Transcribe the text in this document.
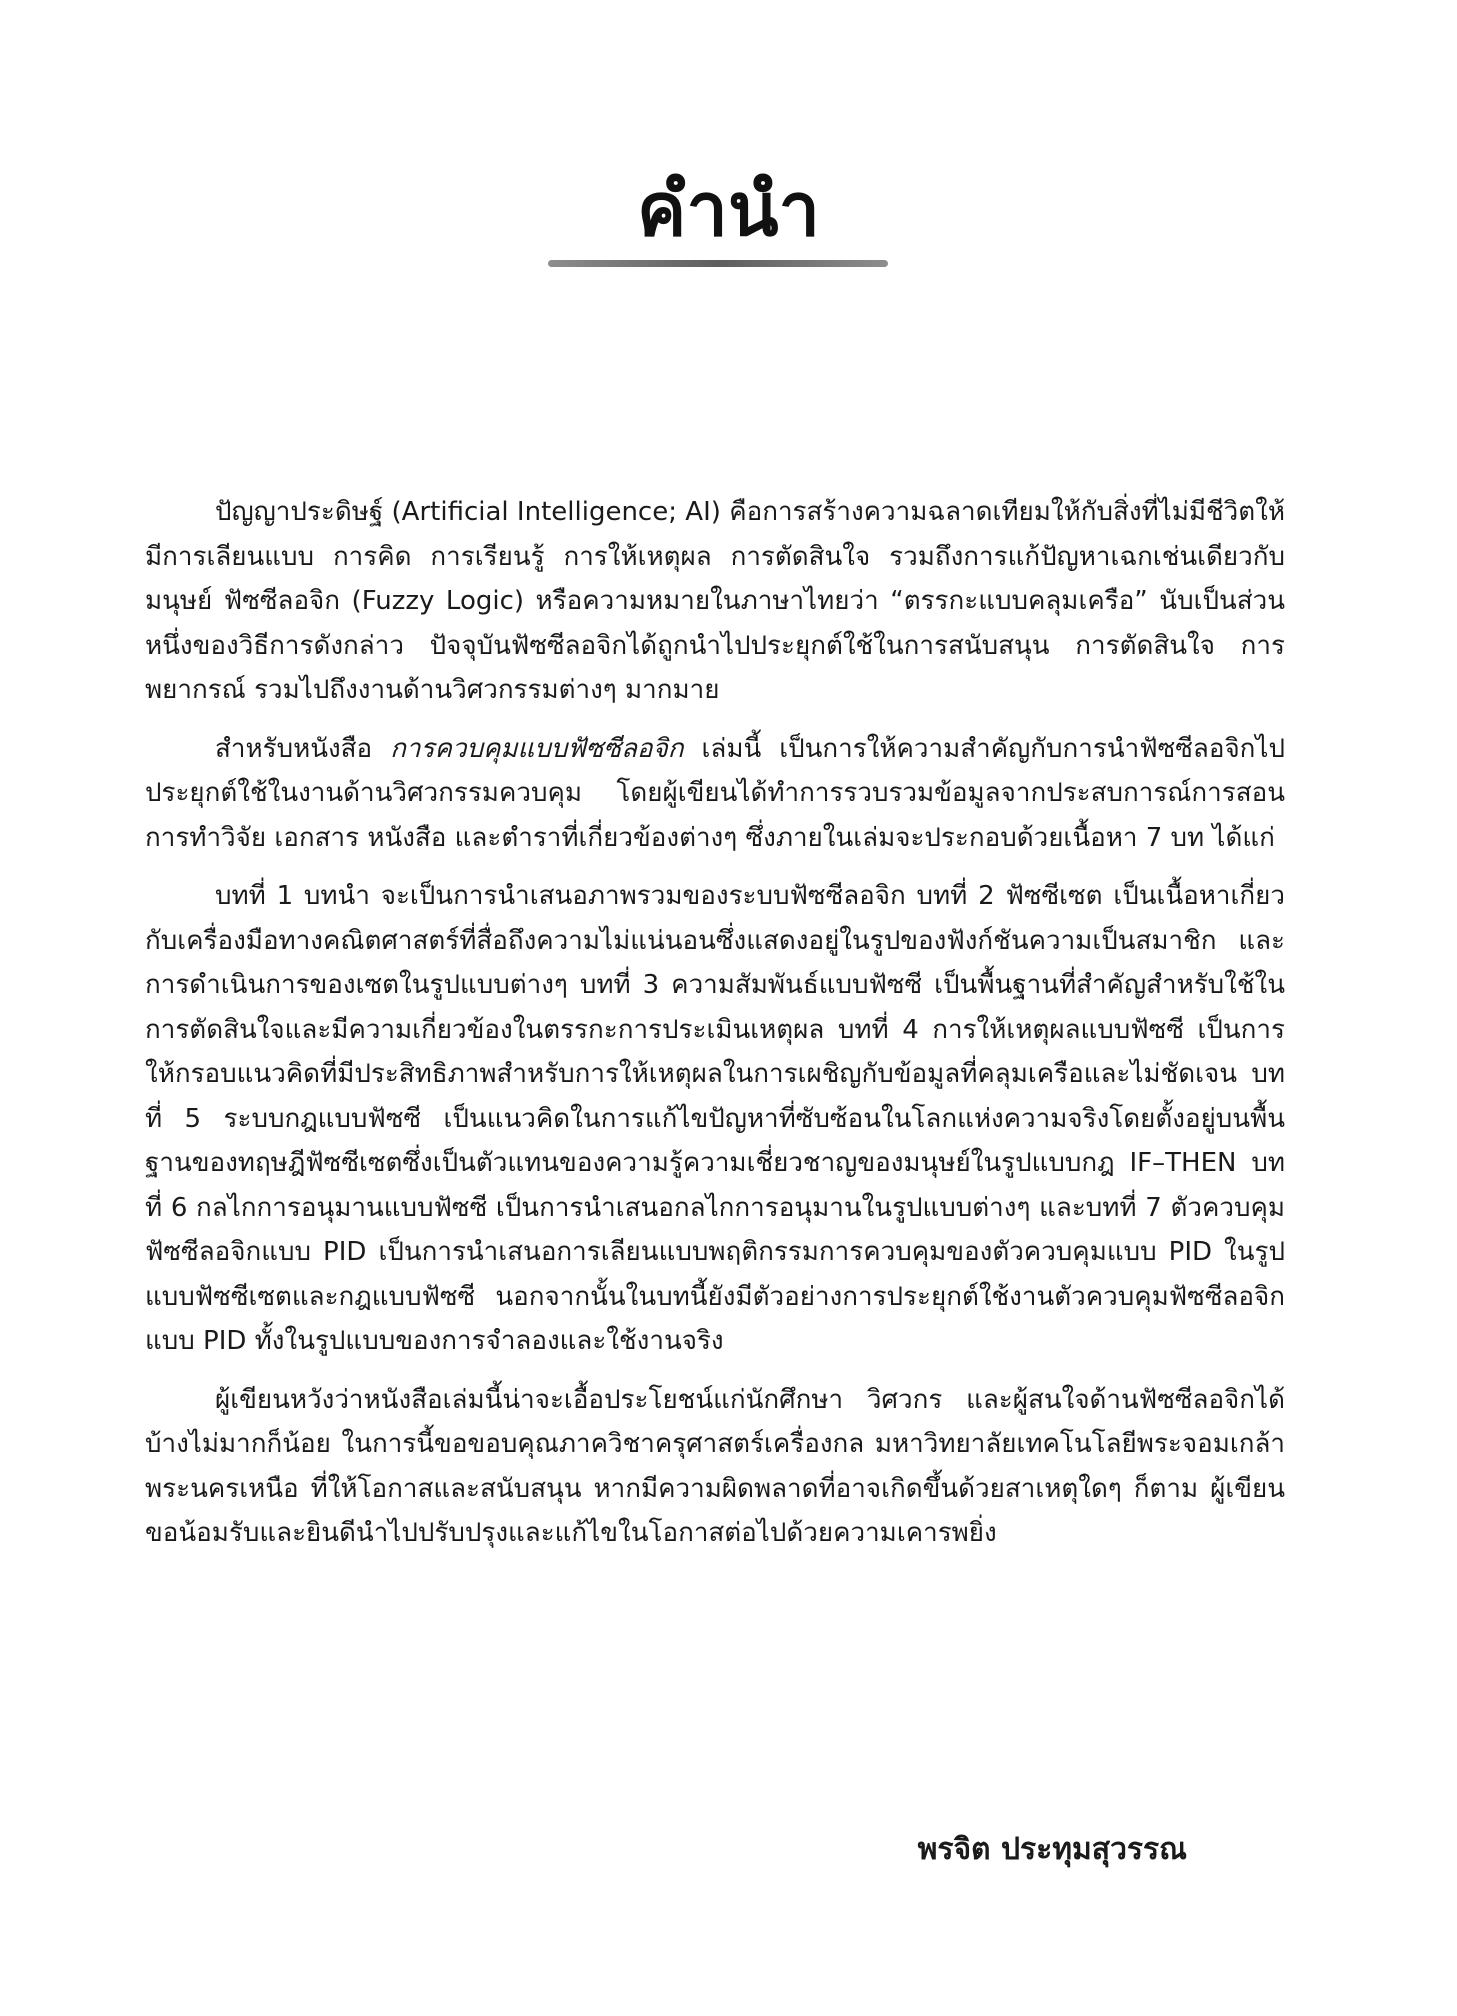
คำนำ

ปัญญาประดิษฐ์ (Artificial Intelligence; AI) คือการสร้างความฉลาดเทียมให้กับสิ่งที่ไม่มีชีวิตให้มีการเลียนแบบ การคิด การเรียนรู้ การให้เหตุผล การตัดสินใจ รวมถึงการแก้ปัญหาเฉกเช่นเดียวกับมนุษย์ ฟัซซีลอจิก (Fuzzy Logic) หรือความหมายในภาษาไทยว่า “ตรรกะแบบคลุมเครือ” นับเป็นส่วนหนึ่งของวิธีการดังกล่าว ปัจจุบันฟัซซีลอจิกได้ถูกนำไปประยุกต์ใช้ในการสนับสนุน การตัดสินใจ การพยากรณ์ รวมไปถึงงานด้านวิศวกรรมต่างๆ มากมาย

สำหรับหนังสือ การควบคุมแบบฟัซซีลอจิก เล่มนี้ เป็นการให้ความสำคัญกับการนำฟัซซีลอจิกไปประยุกต์ใช้ในงานด้านวิศวกรรมควบคุม โดยผู้เขียนได้ทำการรวบรวมข้อมูลจากประสบการณ์การสอน การทำวิจัย เอกสาร หนังสือ และตำราที่เกี่ยวข้องต่างๆ ซึ่งภายในเล่มจะประกอบด้วยเนื้อหา 7 บท ได้แก่

บทที่ 1 บทนำ จะเป็นการนำเสนอภาพรวมของระบบฟัซซีลอจิก บทที่ 2 ฟัซซีเซต เป็นเนื้อหาเกี่ยวกับเครื่องมือทางคณิตศาสตร์ที่สื่อถึงความไม่แน่นอนซึ่งแสดงอยู่ในรูปของฟังก์ชันความเป็นสมาชิก และการดำเนินการของเซตในรูปแบบต่างๆ บทที่ 3 ความสัมพันธ์แบบฟัซซี เป็นพื้นฐานที่สำคัญสำหรับใช้ในการตัดสินใจและมีความเกี่ยวข้องในตรรกะการประเมินเหตุผล บทที่ 4 การให้เหตุผลแบบฟัซซี เป็นการให้กรอบแนวคิดที่มีประสิทธิภาพสำหรับการให้เหตุผลในการเผชิญกับข้อมูลที่คลุมเครือและไม่ชัดเจน บทที่ 5 ระบบกฎแบบฟัซซี เป็นแนวคิดในการแก้ไขปัญหาที่ซับซ้อนในโลกแห่งความจริงโดยตั้งอยู่บนพื้นฐานของทฤษฎีฟัซซีเซตซึ่งเป็นตัวแทนของความรู้ความเชี่ยวชาญของมนุษย์ในรูปแบบกฎ IF–THEN บทที่ 6 กลไกการอนุมานแบบฟัซซี เป็นการนำเสนอกลไกการอนุมานในรูปแบบต่างๆ และบทที่ 7 ตัวควบคุมฟัซซีลอจิกแบบ PID เป็นการนำเสนอการเลียนแบบพฤติกรรมการควบคุมของตัวควบคุมแบบ PID ในรูปแบบฟัซซีเซตและกฎแบบฟัซซี นอกจากนั้นในบทนี้ยังมีตัวอย่างการประยุกต์ใช้งานตัวควบคุมฟัซซีลอจิกแบบ PID ทั้งในรูปแบบของการจำลองและใช้งานจริง

ผู้เขียนหวังว่าหนังสือเล่มนี้น่าจะเอื้อประโยชน์แก่นักศึกษา วิศวกร และผู้สนใจด้านฟัซซีลอจิกได้บ้างไม่มากก็น้อย ในการนี้ขอขอบคุณภาควิชาครุศาสตร์เครื่องกล มหาวิทยาลัยเทคโนโลยีพระจอมเกล้าพระนครเหนือ ที่ให้โอกาสและสนับสนุน หากมีความผิดพลาดที่อาจเกิดขึ้นด้วยสาเหตุใดๆ ก็ตาม ผู้เขียนขอน้อมรับและยินดีนำไปปรับปรุงและแก้ไขในโอกาสต่อไปด้วยความเคารพยิ่ง

พรจิต ประทุมสุวรรณ
